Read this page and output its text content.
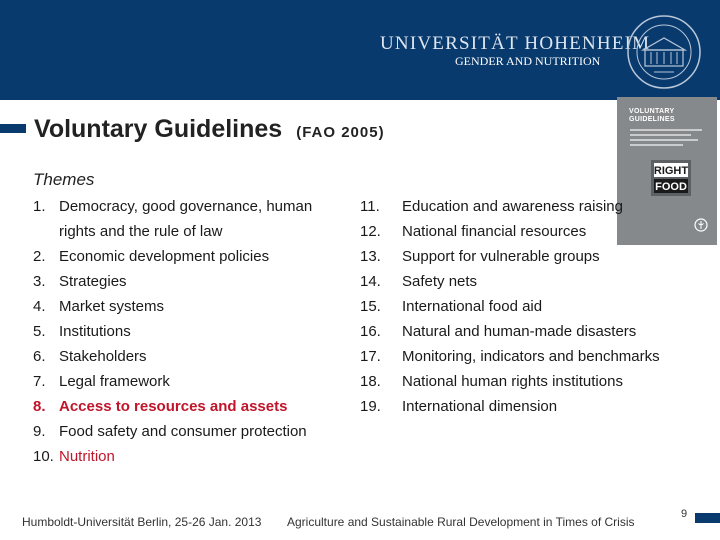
UNIVERSITÄT HOHENHEIM
GENDER AND NUTRITION
Voluntary Guidelines (FAO 2005)
VOLUNTARY
GUIDELINES
RIGHT
FOOD
Themes
1. Democracy, good governance, human rights and the rule of law
2. Economic development policies
3. Strategies
4. Market systems
5. Institutions
6. Stakeholders
7. Legal framework
8. Access to resources and assets
9. Food safety and consumer protection
10. Nutrition
11. Education and awareness raising
12. National financial resources
13. Support for vulnerable groups
14. Safety nets
15. International food aid
16. Natural and human-made disasters
17. Monitoring, indicators and benchmarks
18. National human rights institutions
19. International dimension
Humboldt-Universität Berlin, 25-26 Jan. 2013 Agriculture and Sustainable Rural Development in Times of Crisis
9
